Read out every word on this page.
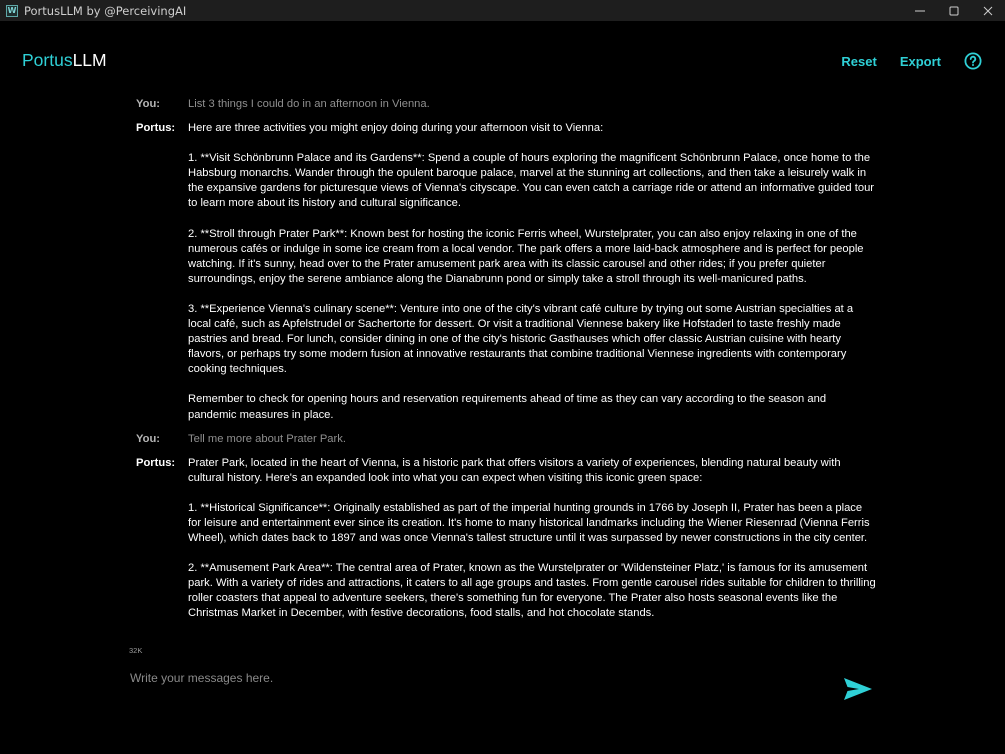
W PortusLLM by @PerceivingAI
PortusLLM	Reset Export
You:	List 3 things I could do in an afternoon in Vienna.

Portus:	Here are three activities you might enjoy doing during your afternoon visit to Vienna:

1. **Visit Schönbrunn Palace and its Gardens**: Spend a couple of hours exploring the magnificent Schönbrunn Palace, once home to the Habsburg monarchs. Wander through the opulent baroque palace, marvel at the stunning art collections, and then take a leisurely walk in the expansive gardens for picturesque views of Vienna's cityscape. You can even catch a carriage ride or attend an informative guided tour to learn more about its history and cultural significance.

2. **Stroll through Prater Park**: Known best for hosting the iconic Ferris wheel, Wurstelprater, you can also enjoy relaxing in one of the numerous cafés or indulge in some ice cream from a local vendor. The park offers a more laid-back atmosphere and is perfect for people watching. If it's sunny, head over to the Prater amusement park area with its classic carousel and other rides; if you prefer quieter surroundings, enjoy the serene ambiance along the Dianabrunn pond or simply take a stroll through its well-manicured paths.

3. **Experience Vienna's culinary scene**: Venture into one of the city's vibrant café culture by trying out some Austrian specialties at a local café, such as Apfelstrudel or Sachertorte for dessert. Or visit a traditional Viennese bakery like Hofstaderl to taste freshly made pastries and bread. For lunch, consider dining in one of the city's historic Gasthauses which offer classic Austrian cuisine with hearty flavors, or perhaps try some modern fusion at innovative restaurants that combine traditional Viennese ingredients with contemporary cooking techniques.

Remember to check for opening hours and reservation requirements ahead of time as they can vary according to the season and pandemic measures in place.

You:	Tell me more about Prater Park.

Portus:	Prater Park, located in the heart of Vienna, is a historic park that offers visitors a variety of experiences, blending natural beauty with cultural history. Here's an expanded look into what you can expect when visiting this iconic green space:

1. **Historical Significance**: Originally established as part of the imperial hunting grounds in 1766 by Joseph II, Prater has been a place for leisure and entertainment ever since its creation. It's home to many historical landmarks including the Wiener Riesenrad (Vienna Ferris Wheel), which dates back to 1897 and was once Vienna's tallest structure until it was surpassed by newer constructions in the city center.

2. **Amusement Park Area**: The central area of Prater, known as the Wurstelprater or 'Wildensteiner Platz,' is famous for its amusement park. With a variety of rides and attractions, it caters to all age groups and tastes. From gentle carousel rides suitable for children to thrilling roller coasters that appeal to adventure seekers, there's something fun for everyone. The Prater also hosts seasonal events like the Christmas Market in December, with festive decorations, food stalls, and hot chocolate stands.

32K
Write your messages here.
